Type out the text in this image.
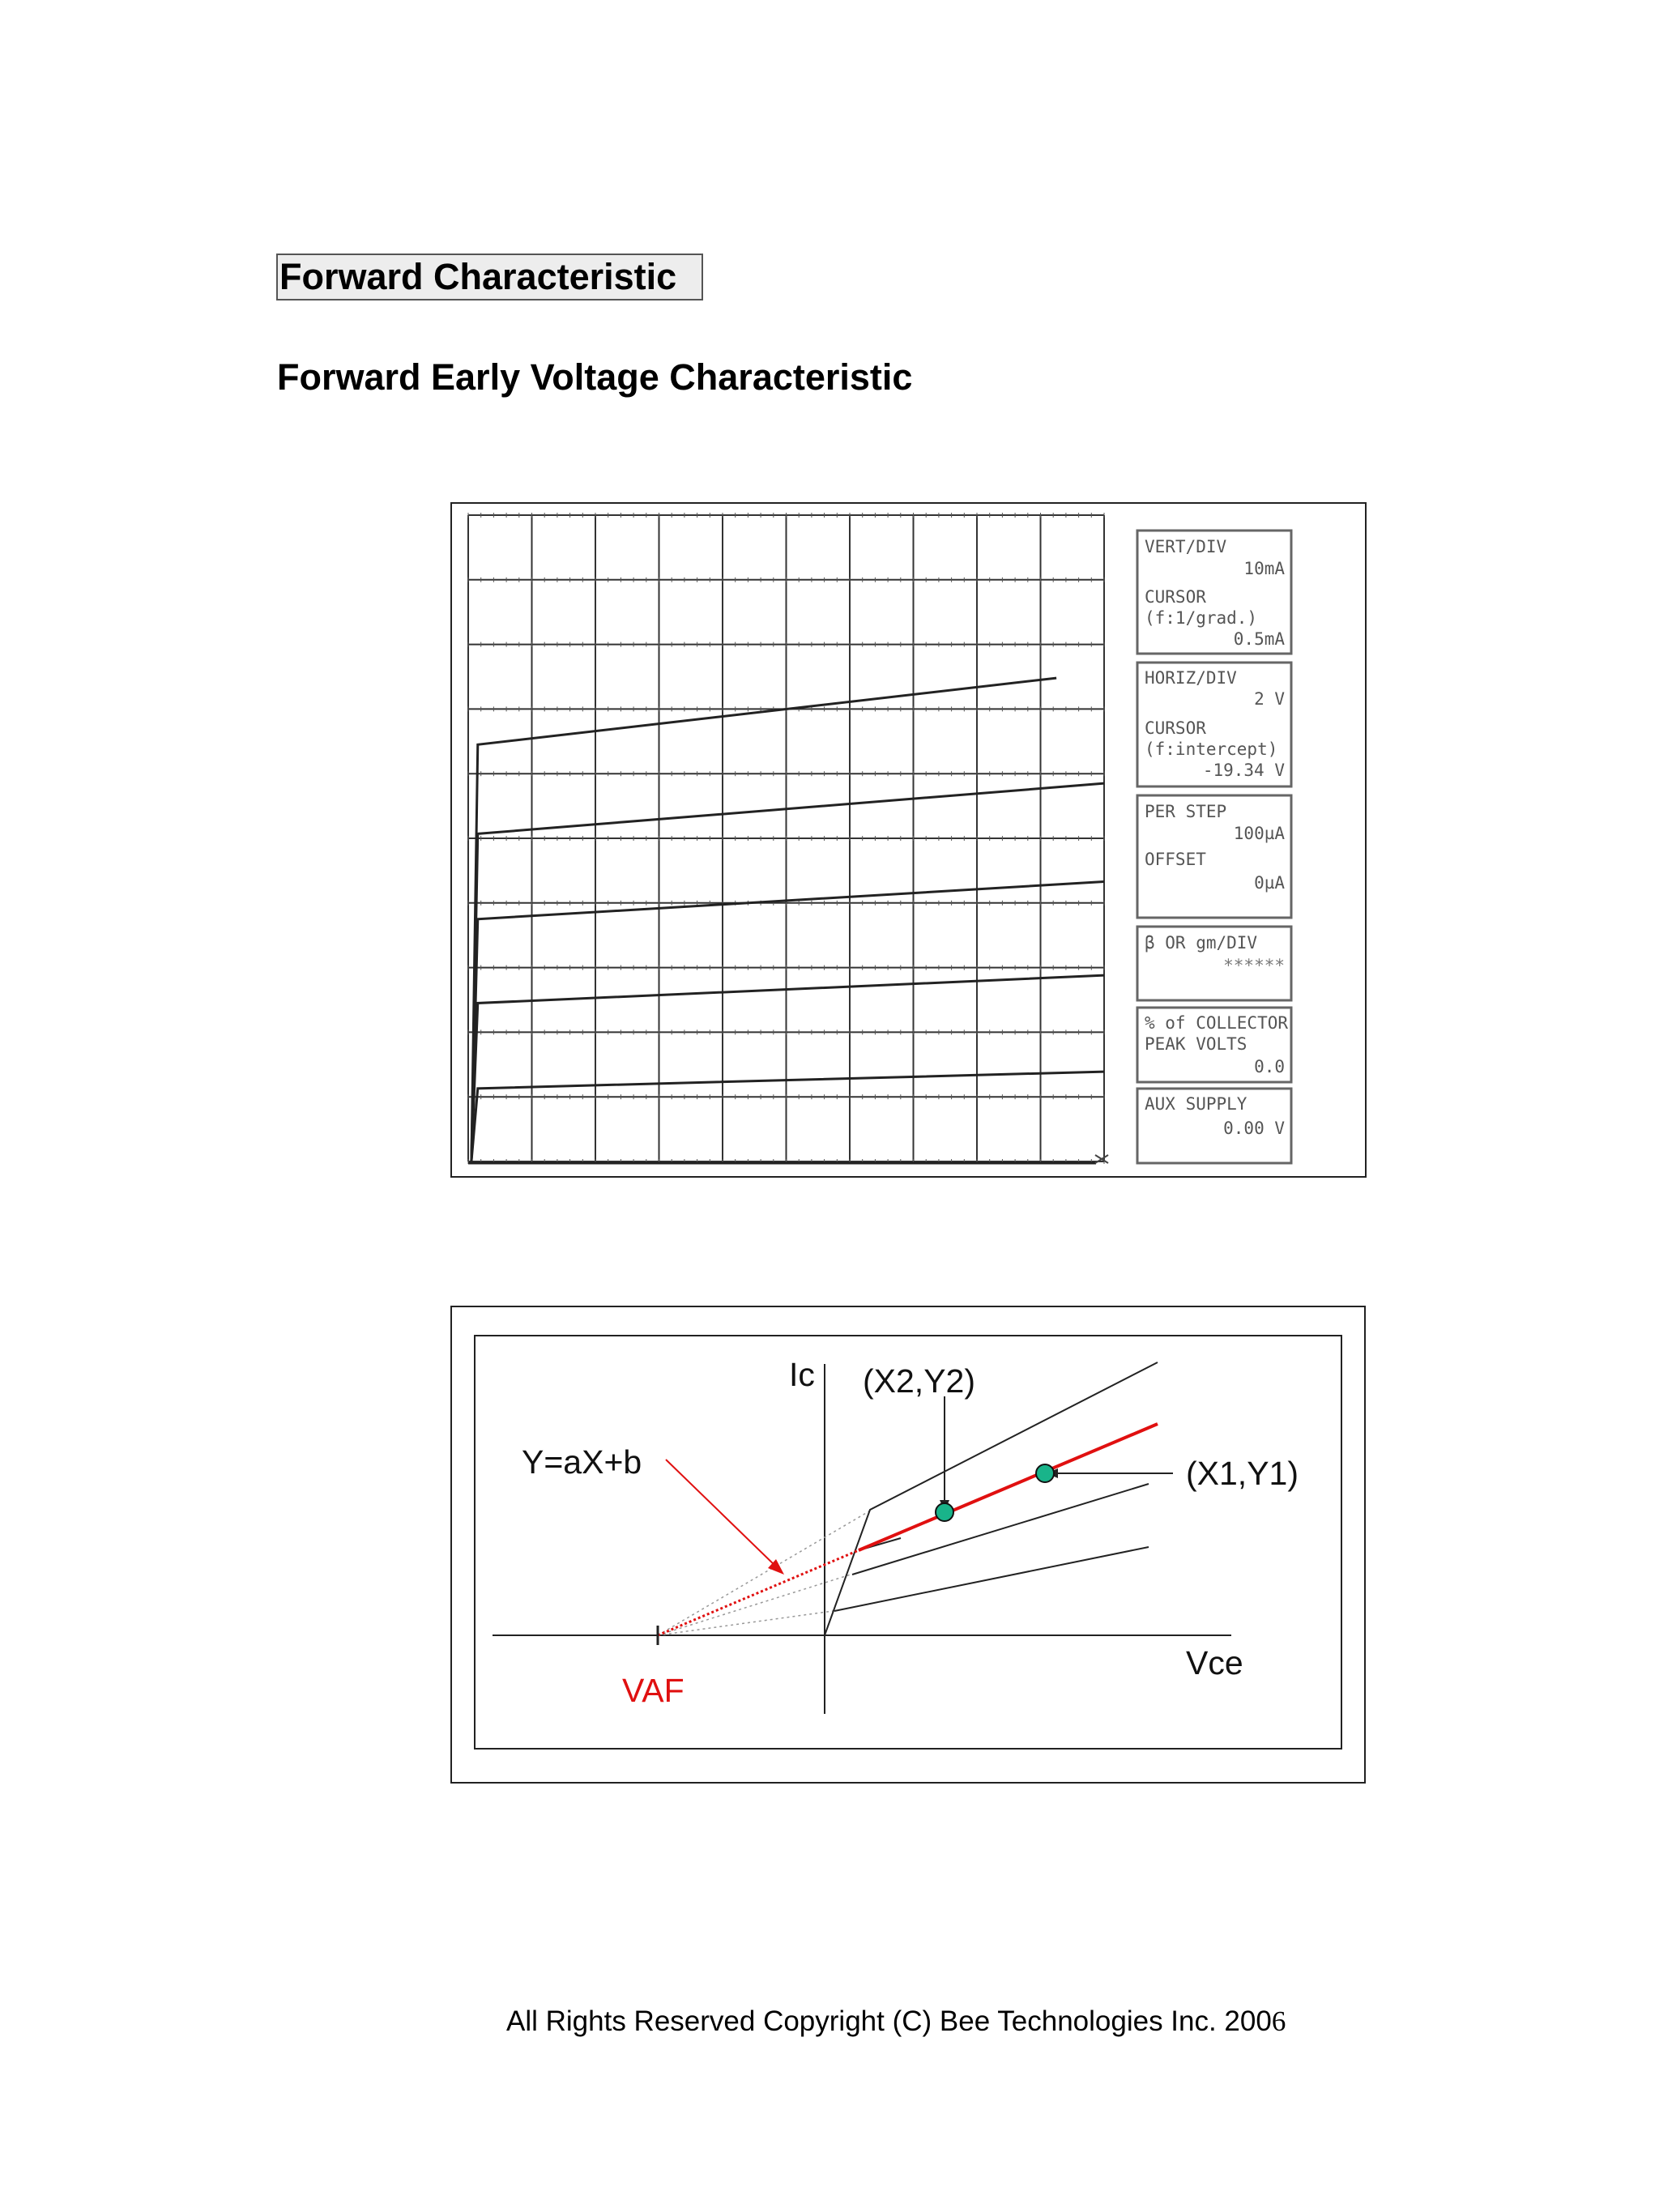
Forward Characteristic
Forward Early Voltage Characteristic
VERT/DIV
10mA
CURSOR
(f:1/grad.)
0.5mA
HORIZ/DIV
2 V
CURSOR
(f:intercept)
-19.34 V
PER STEP
100µA
OFFSET
0µA
β OR gm/DIV
******
% of COLLECTOR
PEAK VOLTS
0.0
AUX SUPPLY
0.00 V
Ic (X2,Y2)
Y=aX+b	(X1,Y1)
Vce
VAF
All Rights Reserved Copyright (C) Bee Technologies Inc. 2006
